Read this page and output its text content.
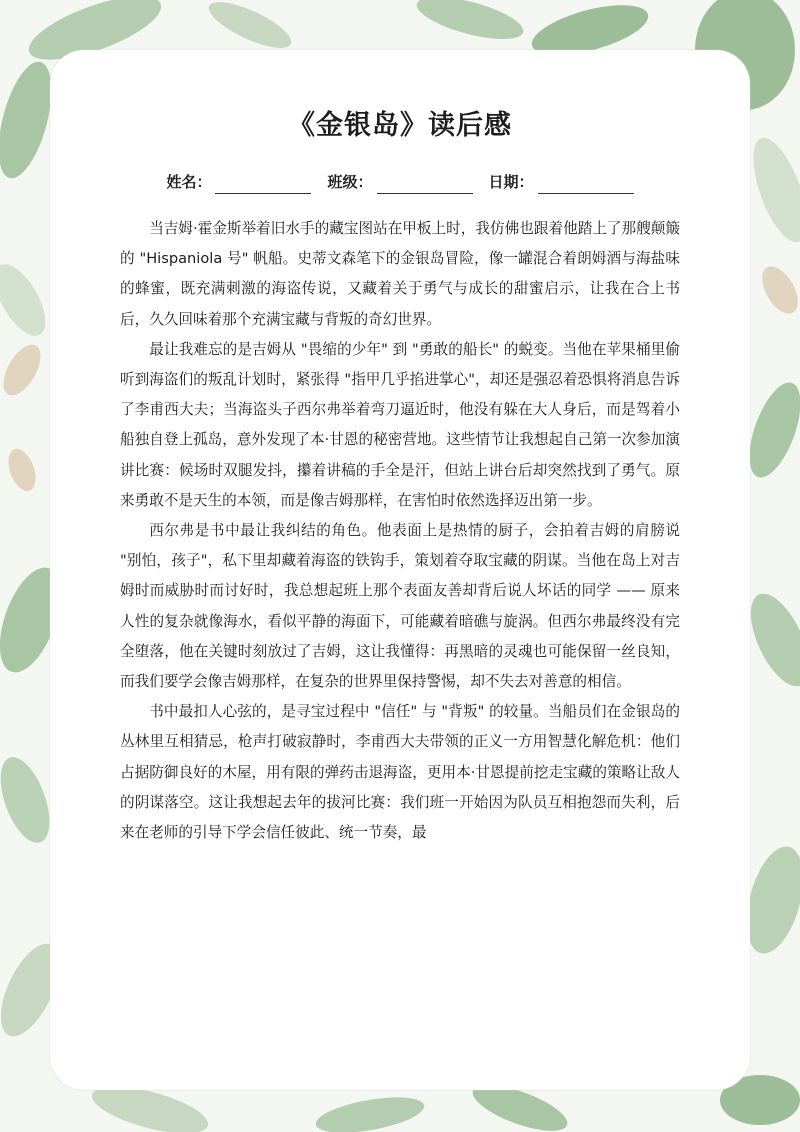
《金银岛》读后感
姓名：	班级：	日期：

当吉姆·霍金斯举着旧水手的藏宝图站在甲板上时，我仿佛也跟着他踏上了那艘颠簸的 "Hispaniola 号" 帆船。史蒂文森笔下的金银岛冒险，像一罐混合着朗姆酒与海盐味的蜂蜜，既充满刺激的海盗传说，又藏着关于勇气与成长的甜蜜启示，让我在合上书后，久久回味着那个充满宝藏与背叛的奇幻世界。

最让我难忘的是吉姆从 "畏缩的少年" 到 "勇敢的船长" 的蜕变。当他在苹果桶里偷听到海盗们的叛乱计划时，紧张得 "指甲几乎掐进掌心"，却还是强忍着恐惧将消息告诉了李甫西大夫；当海盗头子西尔弗举着弯刀逼近时，他没有躲在大人身后，而是驾着小船独自登上孤岛，意外发现了本·甘恩的秘密营地。这些情节让我想起自己第一次参加演讲比赛：候场时双腿发抖，攥着讲稿的手全是汗，但站上讲台后却突然找到了勇气。原来勇敢不是天生的本领，而是像吉姆那样，在害怕时依然选择迈出第一步。

西尔弗是书中最让我纠结的角色。他表面上是热情的厨子，会拍着吉姆的肩膀说 "别怕，孩子"，私下里却藏着海盗的铁钩手，策划着夺取宝藏的阴谋。当他在岛上对吉姆时而威胁时而讨好时，我总想起班上那个表面友善却背后说人坏话的同学 —— 原来人性的复杂就像海水，看似平静的海面下，可能藏着暗礁与旋涡。但西尔弗最终没有完全堕落，他在关键时刻放过了吉姆，这让我懂得：再黑暗的灵魂也可能保留一丝良知，而我们要学会像吉姆那样，在复杂的世界里保持警惕，却不失去对善意的相信。

书中最扣人心弦的，是寻宝过程中 "信任" 与 "背叛" 的较量。当船员们在金银岛的丛林里互相猜忌，枪声打破寂静时，李甫西大夫带领的正义一方用智慧化解危机：他们占据防御良好的木屋，用有限的弹药击退海盗，更用本·甘恩提前挖走宝藏的策略让敌人的阴谋落空。这让我想起去年的拔河比赛：我们班一开始因为队员互相抱怨而失利，后来在老师的引导下学会信任彼此、统一节奏，最
